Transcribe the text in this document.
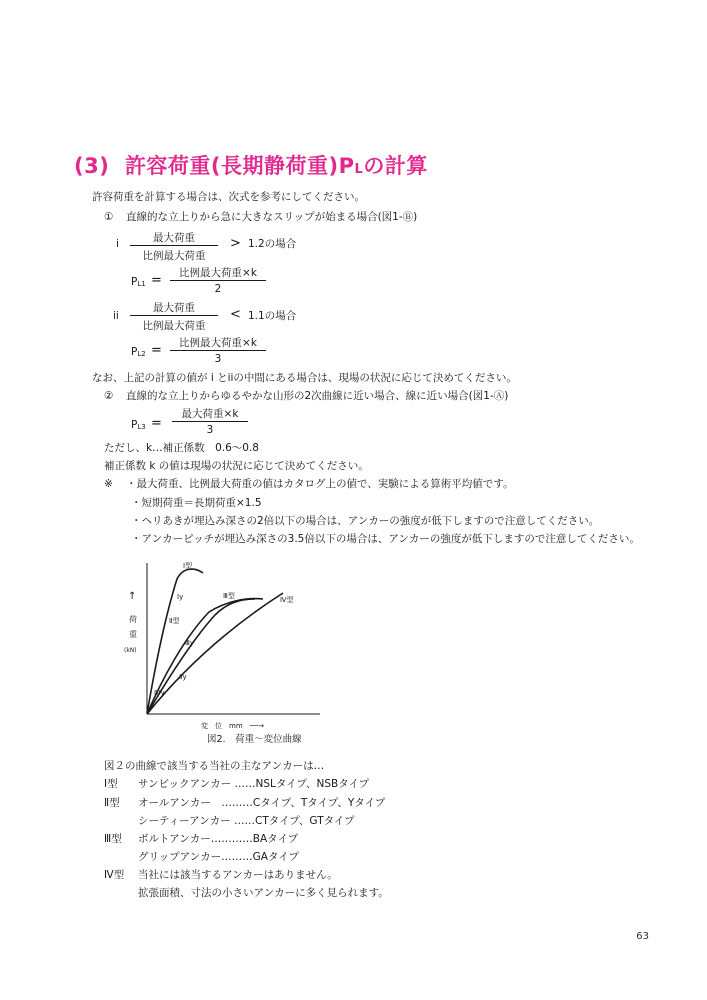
(3) 許容荷重(長期静荷重)PLの計算
許容荷重を計算する場合は、次式を参考にしてください。
① 直線的な立上りから急に大きなスリップが始まる場合(図1-Ⓑ)
i	最大荷重
比例最大荷重
> 1.2の場合
$P_{L1}$ =	比例最大荷重×k
2
ii
最大荷重
比例最大荷重
< 1.1の場合
$P_{L2}$ =	比例最大荷重×k
3
なお、上記の計算の値が i とiiの中間にある場合は、現場の状況に応じて決めてください。
② 直線的な立上りからゆるやかな山形の2次曲線に近い場合、線に近い場合(図1-Ⓐ)
$P_{L3}$ =
最大荷重×k
3
ただし、k…補正係数　0.6～0.8
補正係数 k の値は現場の状況に応じて決めてください。
※ ・最大荷重、比例最大荷重の値はカタログ上の値で、実験による算術平均値です。
・短期荷重＝長期荷重×1.5
・ヘリあきが埋込み深さの2倍以下の場合は、アンカーの強度が低下しますので注意してください。
・アンカーピッチが埋込み深さの3.5倍以下の場合は、アンカーの強度が低下しますので注意してください。
↑
荷
重
(kN)
変　位　mm　──→
Ⅰ型
Ⅰy	Ⅲ型	Ⅳ型
Ⅱ型
Ⅲy
Ⅱy
Ⅳy
図2.　荷重～変位曲線
図２の曲線で該当する当社の主なアンカーは…
Ⅰ型 サンビックアンカー ……NSLタイプ、NSBタイプ
Ⅱ型 オールアンカー　………Cタイプ、Tタイプ、Yタイプ
シーティーアンカー ……CTタイプ、GTタイプ
Ⅲ型 ボルトアンカー…………BAタイプ
グリップアンカー………GAタイプ
Ⅳ型 当社には該当するアンカーはありません。
拡張面積、寸法の小さいアンカーに多く見られます。
63
